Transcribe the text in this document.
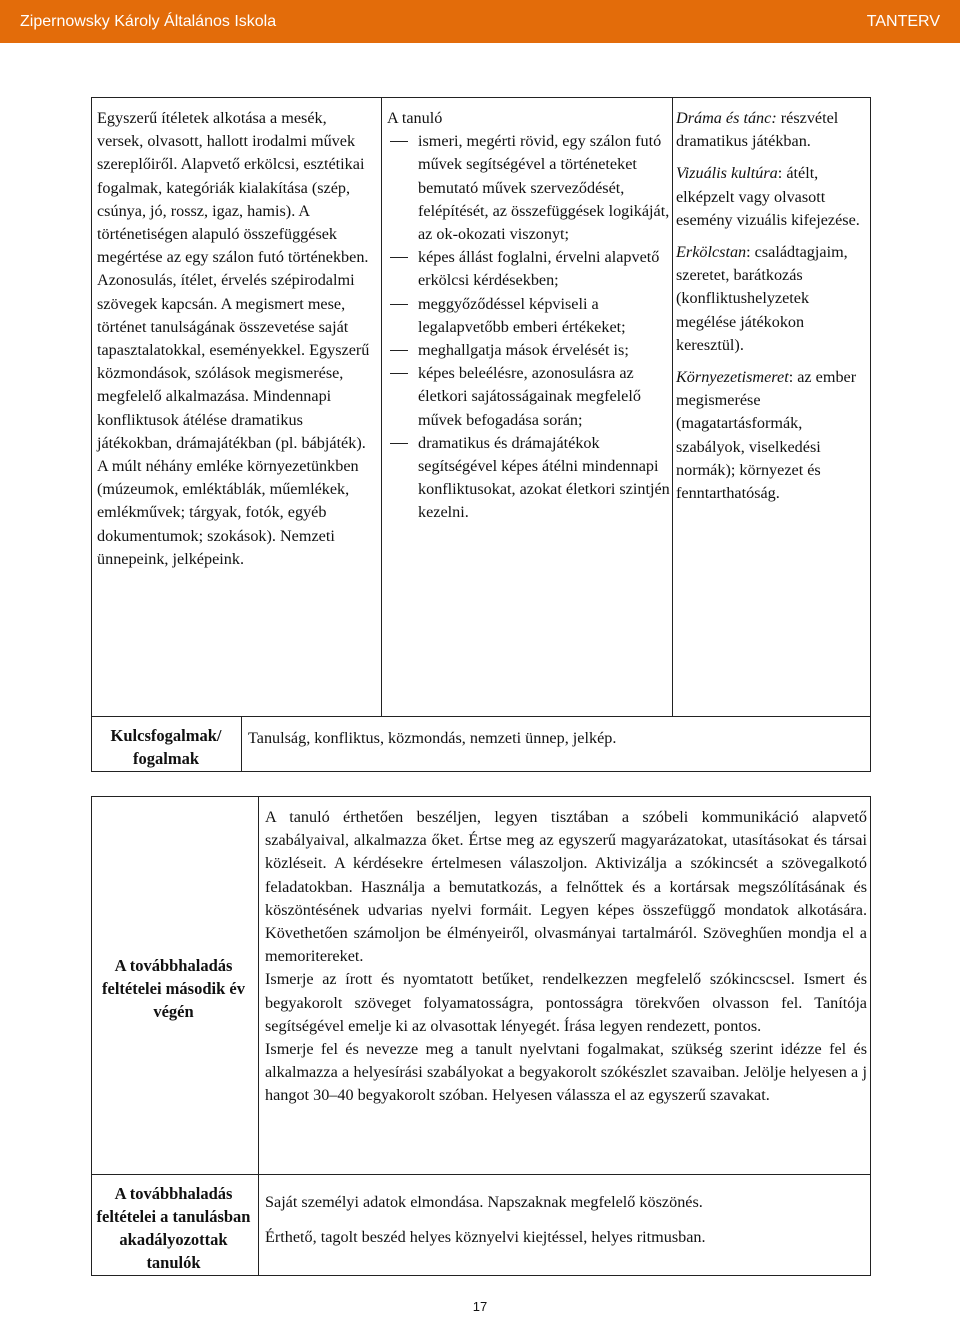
Zipernowsky Károly Általános Iskola	TANTERV
Egyszerű ítéletek alkotása a mesék, versek, olvasott, hallott irodalmi művek szereplőiről. Alapvető erkölcsi, esztétikai fogalmak, kategóriák kialakítása (szép, csúnya, jó, rossz, igaz, hamis). A történetiségen alapuló összefüggések megértése az egy szálon futó történekben. Azonosulás, ítélet, érvelés szépirodalmi szövegek kapcsán. A megismert mese, történet tanulságának összevetése saját tapasztalatokkal, eseményekkel. Egyszerű közmondások, szólások megismerése, megfelelő alkalmazása. Mindennapi konfliktusok átélése dramatikus játékokban, drámajátékban (pl. bábjáték). A múlt néhány emléke környezetünkben (múzeumok, emléktáblák, műemlékek, emlékművek; tárgyak, fotók, egyéb dokumentumok; szokások). Nemzeti ünnepeink, jelképeink.
A tanuló
ismeri, megérti rövid, egy szálon futó művek segítségével a történeteket bemutató művek szerveződését, felépítését, az összefüggések logikáját, az ok-okozati viszonyt;
képes állást foglalni, érvelni alapvető erkölcsi kérdésekben;
meggyőződéssel képviseli a legalapvetőbb emberi értékeket;
meghallgatja mások érvelését is;
képes beleélésre, azonosulásra az életkori sajátosságainak megfelelő művek befogadása során;
dramatikus és drámajátékok segítségével képes átélni mindennapi konfliktusokat, azokat életkori szintjén kezelni.

Dráma és tánc: részvétel dramatikus játékban.

Vizuális kultúra: átélt, elképzelt vagy olvasott esemény vizuális kifejezése.

Erkölcstan: családtagjaim, szeretet, barátkozás (konfliktushelyzetek megélése játékokon keresztül).

Környezetismeret: az ember megismerése (magatartásformák, szabályok, viselkedési normák); környezet és fenntarthatóság.

Kulcsfogalmak/ fogalmak
Tanulság, konfliktus, közmondás, nemzeti ünnep, jelkép.
A továbbhaladás feltételei második év végén

A tanuló érthetően beszéljen, legyen tisztában a szóbeli kommunikáció alapvető szabályaival, alkalmazza őket. Értse meg az egyszerű magyarázatokat, utasításokat és társai közléseit. A kérdésekre értelmesen válaszoljon. Aktivizálja a szókincsét a szövegalkotó feladatokban. Használja a bemutatkozás, a felnőttek és a kortársak megszólításának és köszöntésének udvarias nyelvi formáit. Legyen képes összefüggő mondatok alkotására. Követhetően számoljon be élményeiről, olvasmányai tartalmáról. Szöveghűen mondja el a memoritereket.

Ismerje az írott és nyomtatott betűket, rendelkezzen megfelelő szókincscsel. Ismert és begyakorolt szöveget folyamatosságra, pontosságra törekvően olvasson fel. Tanítója segítségével emelje ki az olvasottak lényegét. Írása legyen rendezett, pontos.

Ismerje fel és nevezze meg a tanult nyelvtani fogalmakat, szükség szerint idézze fel és alkalmazza a helyesírási szabályokat a begyakorolt szókészlet szavaiban. Jelölje helyesen a j hangot 30–40 begyakorolt szóban. Helyesen válassza el az egyszerű szavakat.

A továbbhaladás feltételei a tanulásban akadályozottak tanulók

Saját személyi adatok elmondása. Napszaknak megfelelő köszönés.

Érthető, tagolt beszéd helyes köznyelvi kiejtéssel, helyes ritmusban.

17
